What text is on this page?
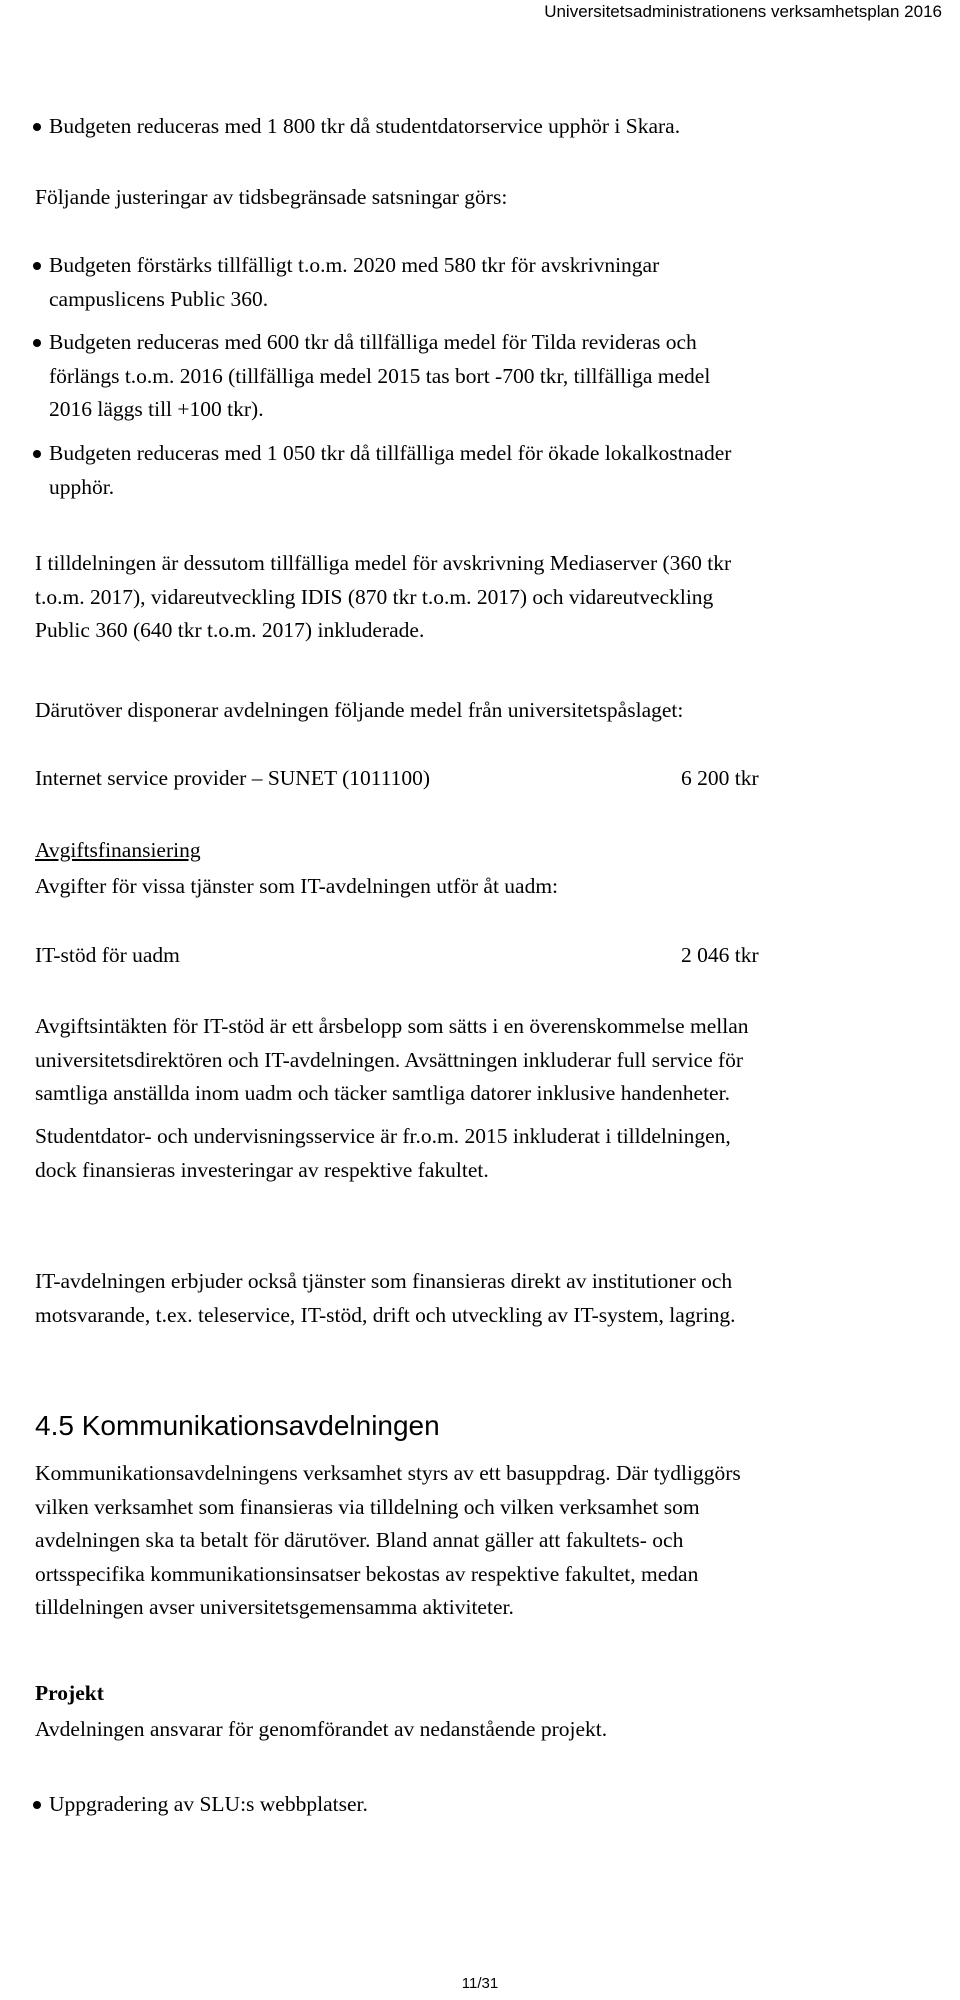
Universitetsadministrationens verksamhetsplan 2016
Budgeten reduceras med 1 800 tkr då studentdatorservice upphör i Skara.

Följande justeringar av tidsbegränsade satsningar görs:

Budgeten förstärks tillfälligt t.o.m. 2020 med 580 tkr för avskrivningar
campuslicens Public 360.
Budgeten reduceras med 600 tkr då tillfälliga medel för Tilda revideras och
förlängs t.o.m. 2016 (tillfälliga medel 2015 tas bort -700 tkr, tillfälliga medel
2016 läggs till +100 tkr).
Budgeten reduceras med 1 050 tkr då tillfälliga medel för ökade lokalkostnader
upphör.
I tilldelningen är dessutom tillfälliga medel för avskrivning Mediaserver (360 tkr
t.o.m. 2017), vidareutveckling IDIS (870 tkr t.o.m. 2017) och vidareutveckling
Public 360 (640 tkr t.o.m. 2017) inkluderade.

Därutöver disponerar avdelningen följande medel från universitetspåslaget:

Internet service provider – SUNET (1011100)	6 200 tkr
Avgiftsfinansiering
Avgifter för vissa tjänster som IT-avdelningen utför åt uadm:
IT-stöd för uadm	2 046 tkr
Avgiftsintäkten för IT-stöd är ett årsbelopp som sätts i en överenskommelse mellan
universitetsdirektören och IT-avdelningen. Avsättningen inkluderar full service för
samtliga anställda inom uadm och täcker samtliga datorer inklusive handenheter.
Studentdator- och undervisningsservice är fr.o.m. 2015 inkluderat i tilldelningen,
dock finansieras investeringar av respektive fakultet.
IT-avdelningen erbjuder också tjänster som finansieras direkt av institutioner och
motsvarande, t.ex. teleservice, IT-stöd, drift och utveckling av IT-system, lagring.
4.5 Kommunikationsavdelningen
Kommunikationsavdelningens verksamhet styrs av ett basuppdrag. Där tydliggörs
vilken verksamhet som finansieras via tilldelning och vilken verksamhet som
avdelningen ska ta betalt för därutöver. Bland annat gäller att fakultets- och
ortsspecifika kommunikationsinsatser bekostas av respektive fakultet, medan
tilldelningen avser universitetsgemensamma aktiviteter.
Projekt
Avdelningen ansvarar för genomförandet av nedanstående projekt.
Uppgradering av SLU:s webbplatser.
11/31
